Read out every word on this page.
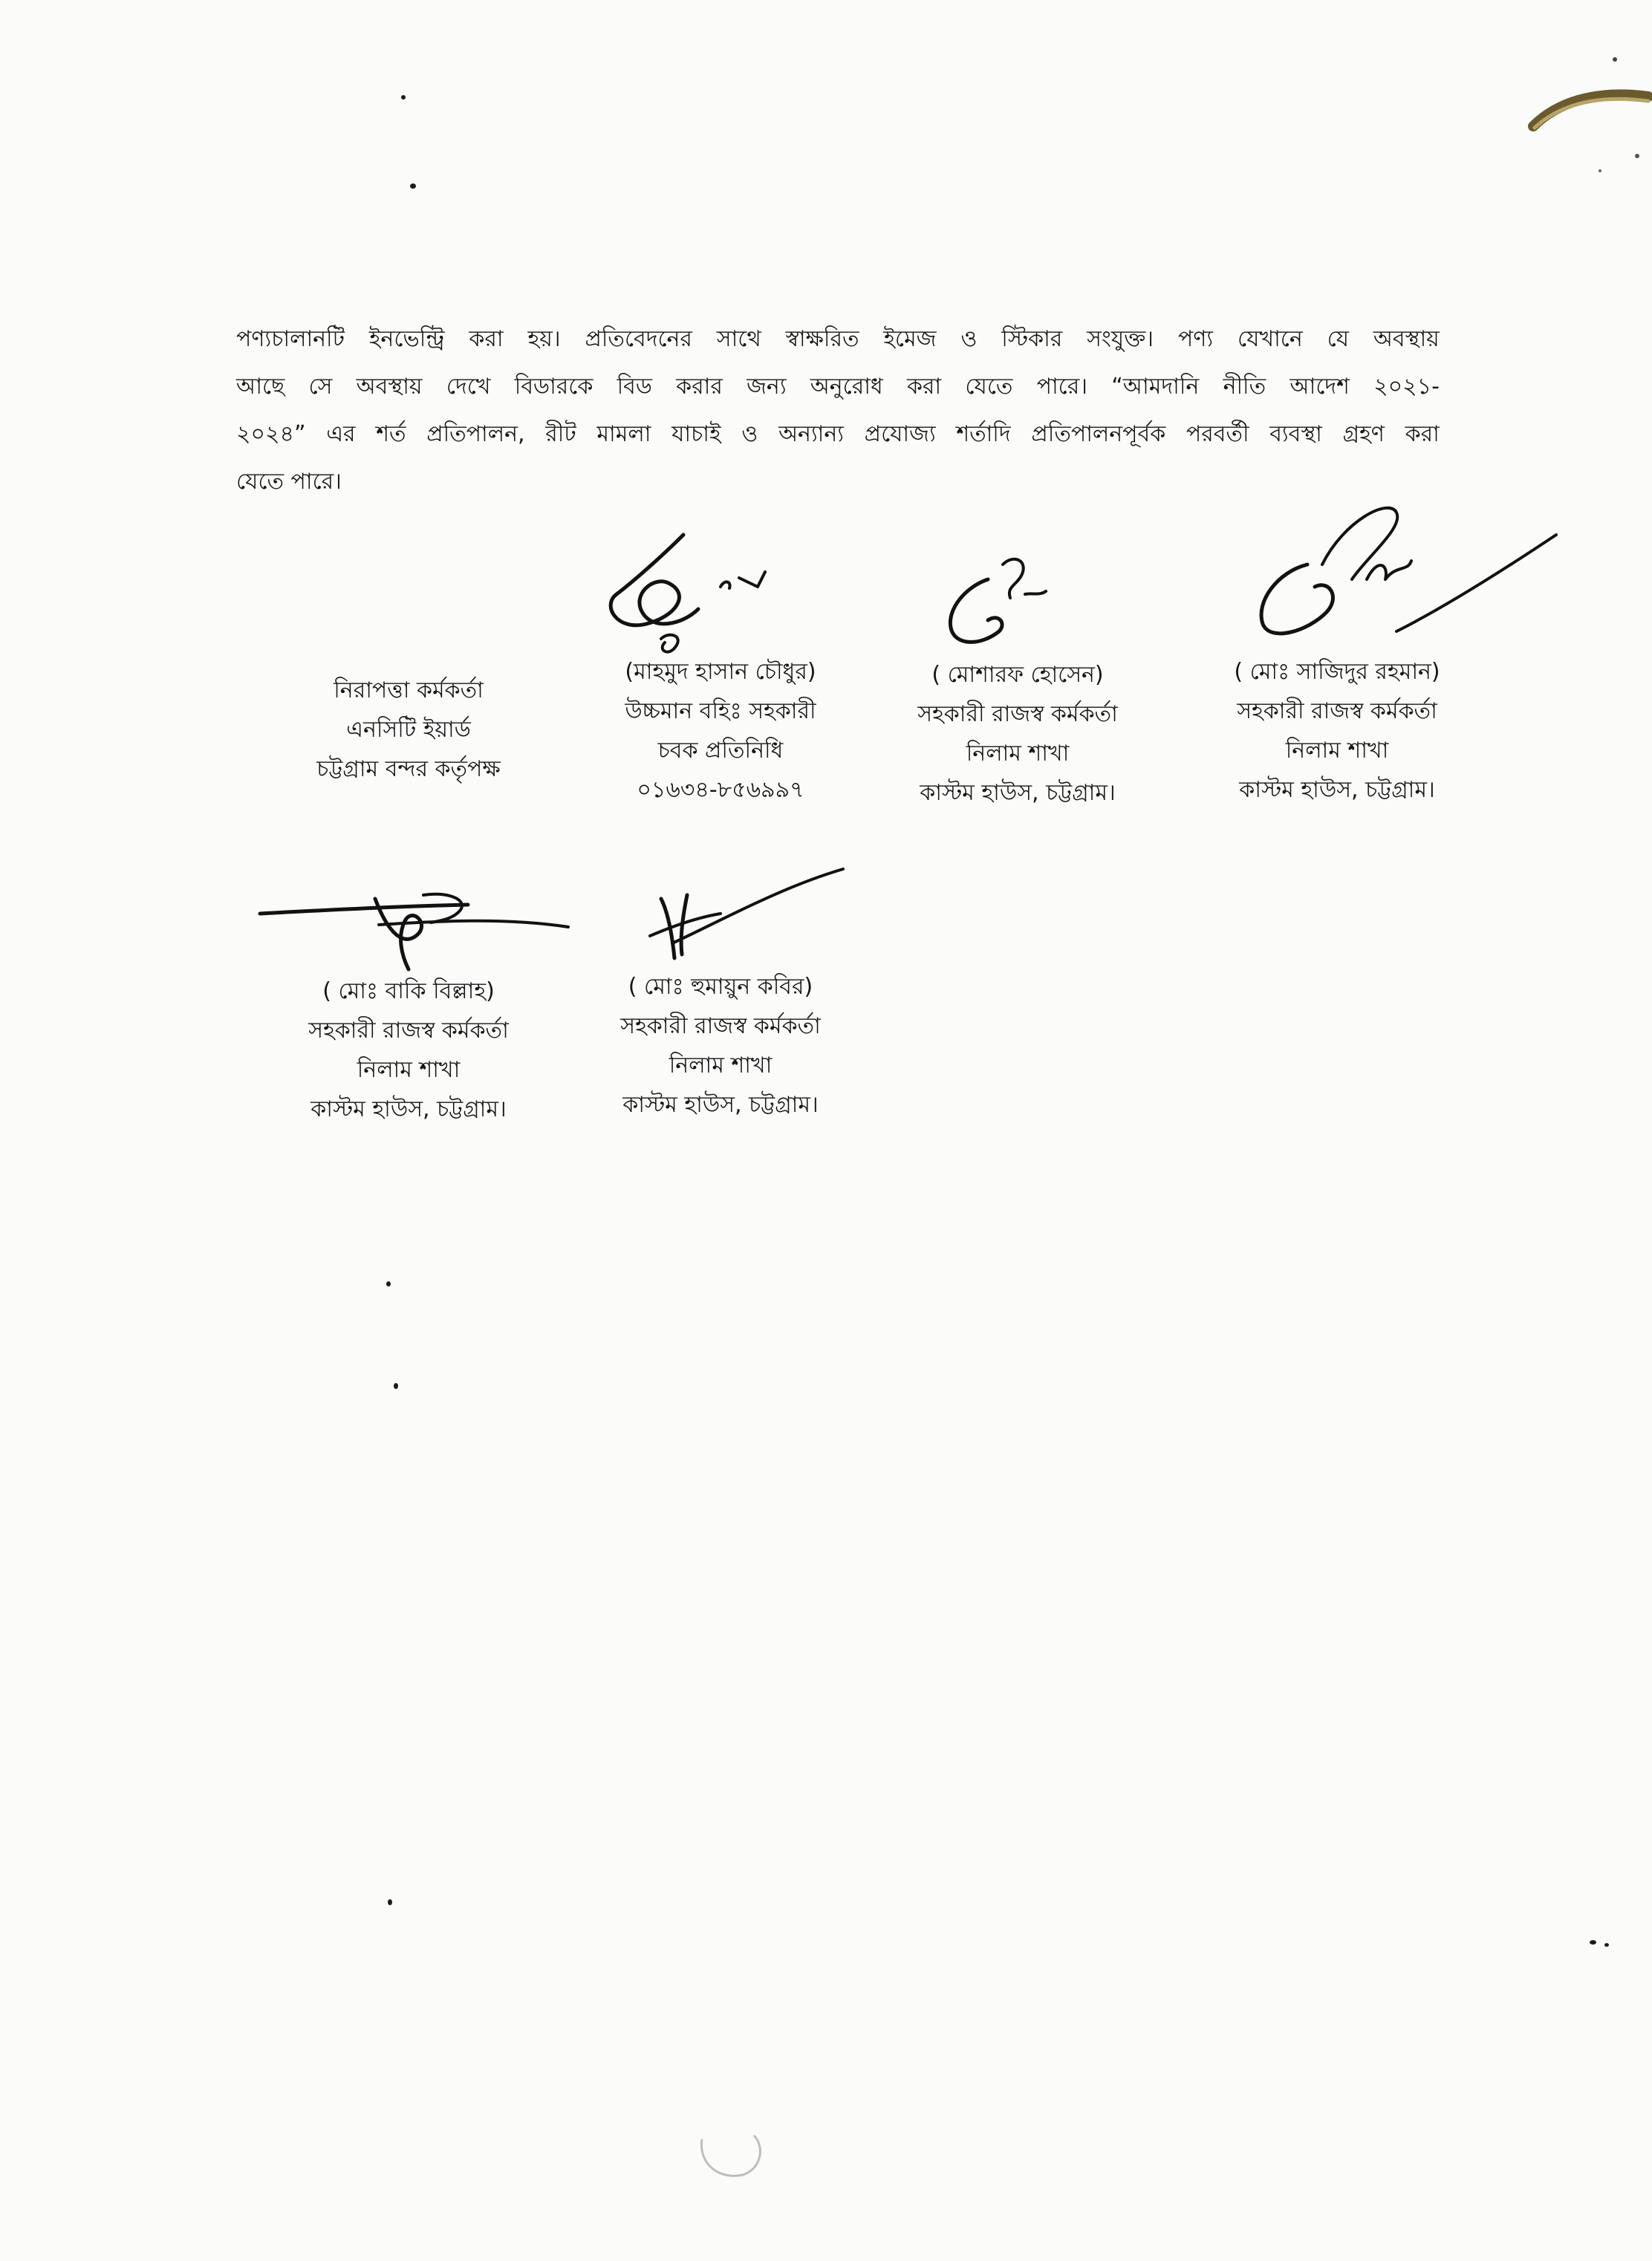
পণ্যচালানটি ইনভেন্ট্রি করা হয়। প্রতিবেদনের সাথে স্বাক্ষরিত ইমেজ ও স্টিকার সংযুক্ত। পণ্য যেখানে যে অবস্থায়
আছে সে অবস্থায় দেখে বিডারকে বিড করার জন্য অনুরোধ করা যেতে পারে। “আমদানি নীতি আদেশ ২০২১-
২০২৪” এর শর্ত প্রতিপালন, রীট মামলা যাচাই ও অন্যান্য প্রযোজ্য শর্তাদি প্রতিপালনপূর্বক পরবর্তী ব্যবস্থা গ্রহণ করা
যেতে পারে।

নিরাপত্তা কর্মকর্তা
এনসিটি ইয়ার্ড
চট্টগ্রাম বন্দর কর্তৃপক্ষ
(মাহমুদ হাসান চৌধুর)
উচ্চমান বহিঃ সহকারী
চবক প্রতিনিধি
০১৬৩৪-৮৫৬৯৯৭
( মোশারফ হোসেন)
সহকারী রাজস্ব কর্মকর্তা
নিলাম শাখা
কাস্টম হাউস, চট্টগ্রাম।
( মোঃ সাজিদুর রহমান)
সহকারী রাজস্ব কর্মকর্তা
নিলাম শাখা
কাস্টম হাউস, চট্টগ্রাম।
( মোঃ বাকি বিল্লাহ)
সহকারী রাজস্ব কর্মকর্তা
নিলাম শাখা
কাস্টম হাউস, চট্টগ্রাম।
( মোঃ হুমায়ুন কবির)
সহকারী রাজস্ব কর্মকর্তা
নিলাম শাখা
কাস্টম হাউস, চট্টগ্রাম।
